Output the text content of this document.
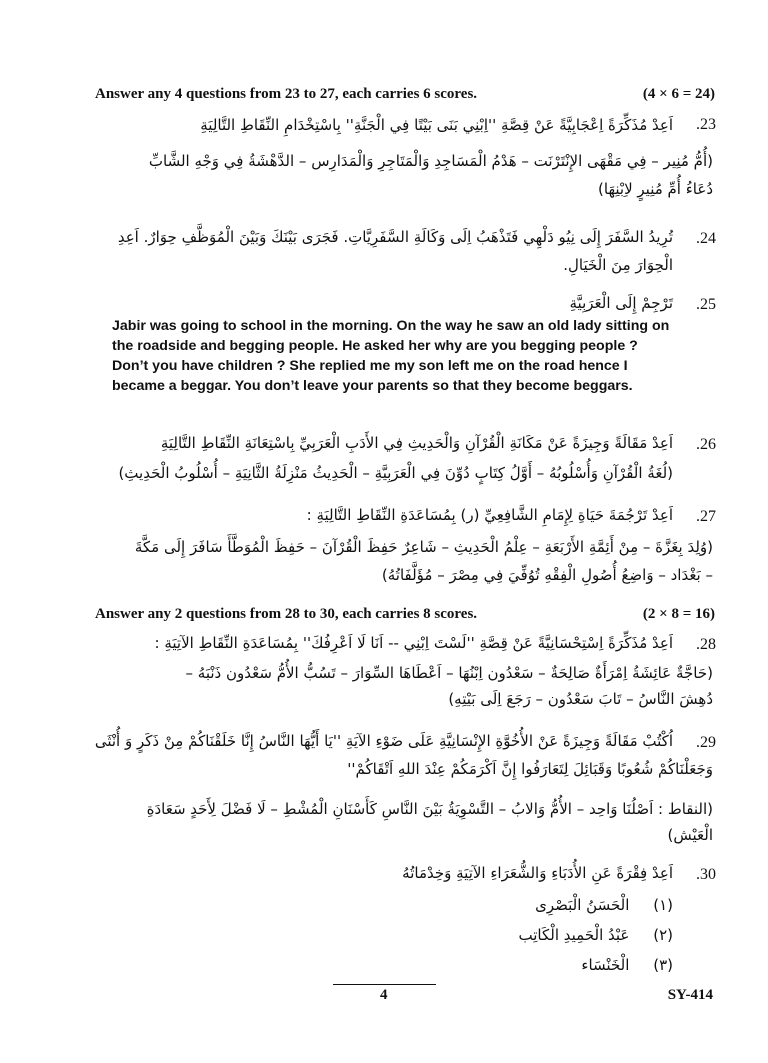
Answer any 4 questions from 23 to 27, each carries 6 scores.	(4 × 6 = 24)
.23
اَعِدْ مُذَكِّرَةً اِعْجَابِيَّةً عَنْ قِصَّةِ ''اِبْنِي بَنَى بَيْتًا فِي الْجَنَّةِ'' بِاسْتِخْدَامِ النِّقَاطِ التَّالِيَةِ
(أُمُّ مُنِير – فِي مَقْهَى الإِنْتَرْنَت – هَدْمُ الْمَسَاجِدِ وَالْمَتَاجِرِ وَالْمَدَارِس – الدَّهْشَةُ فِي وَجْهِ الشَّابِّ
دُعَاءُ أُمِّ مُنِيرٍ لاِبْنِهَا)
.24
تُرِيدُ السَّفَرَ إِلَى نِيُو دَلْهِي فَتَذْهَبُ اِلَى وَكَالَةِ السَّفَرِيَّاتِ. فَجَرَى بَيْنَكَ وَبَيْنَ الْمُوَظَّفِ حِوَارٌ. اَعِدِ
الْحِوَارَ مِنَ الْخَيَالِ.
.25
تَرْجِمْ إِلَى الْعَرَبِيَّةِ
Jabir was going to school in the morning. On the way he saw an old lady sitting on the roadside and begging people. He asked her why are you begging people ? Don’t you have children ? She replied me my son left me on the road hence I became a beggar. You don’t leave your parents so that they become beggars.
.26
اَعِدْ مَقَالَةً وَجِيزَةً عَنْ مَكَانَةِ الْقُرْآنِ وَالْحَدِيثِ فِي الأَدَبِ الْعَرَبِيِّ بِاسْتِعَانَةِ النِّقَاطِ التَّالِيَةِ
(لُغَةُ الْقُرْآنِ وَأُسْلُوبُهُ – أَوَّلُ كِتَابٍ دُوِّنَ فِي الْعَرَبِيَّةِ – الْحَدِيثُ مَنْزِلَةُ الثَّانِيَةِ – أُسْلُوبُ الْحَدِيثِ)
.27
اَعِدْ تَرْجُمَةَ حَيَاةِ لِإِمَامِ الشَّافِعِيِّ (ر) بِمُسَاعَدَةِ النِّقَاطِ التَّالِيَةِ :
(وُلِدَ بِغَزَّةَ – مِنْ أَئِمَّةِ الأَرْبَعَةِ – عِلْمُ الْحَدِيثِ – شَاعِرٌ حَفِظَ الْقُرْآنَ – حَفِظَ الْمُوَطَّأَ سَافَرَ إِلَى مَكَّةَ
– بَغْدَاد – وَاضِعُ أُصُولِ الْفِقْهِ تُوُفِّيَ فِي مِصْرَ – مُؤَلَّفَاتُهُ)
Answer any 2 questions from 28 to 30, each carries 8 scores.	(2 × 8 = 16)
.28
اَعِدْ مُذَكِّرَةً اِسْتِحْسَانِيَّةً عَنْ قِصَّةِ ''لَسْتَ اِبْنِي -- اَنَا لَا اَعْرِفُكَ'' بِمُسَاعَدَةِ النِّقَاطِ الآتِيَةِ :
(حَاجَّةٌ عَائِشَةُ اِمْرَأَةٌ صَالِحَةٌ – سَعْدُون اِبْنُهَا – اَعْطَاهَا السِّوَارَ – تَسُبُّ الأُمُّ سَعْدُون ذَنْبَهُ –
دُهِشَ النَّاسُ – تَابَ سَعْدُون – رَجَعَ اِلَى بَيْتِهِ)
.29
اُكْتُبْ مَقَالَةً وَجِيزَةً عَنْ الأُخُوَّةِ الإِنْسَانِيَّةِ عَلَى ضَوْءِ الآيَةِ ''يَا أَيُّهَا النَّاسُ إِنَّا خَلَقْنَاكُمْ مِنْ ذَكَرٍ وَ أُنْثَى
وَجَعَلْنَاكُمْ شُعُوبًا وَقَبَائِلَ لِتَعَارَفُوا إِنَّ اَكْرَمَكُمْ عِنْدَ اللهِ اَتْقَاكُمْ''
(النقاط : اَصْلُنَا وَاحِد – الأُمُّ وَالابُ – التَّسْوِيَةُ بَيْنَ النَّاسِ كَأَسْنَانِ الْمُشْطِ – لَا فَضْلَ لِأَحَدٍ سَعَادَةِ
الْعَيْش)
.30
اَعِدْ فِقْرَةً عَنِ الأُدَبَاءِ وَالشُّعَرَاءِ الآتِيَةِ وَخِدْمَاتُهُ
(١)     الْحَسَنُ الْبَصْرِى
(٢)     عَبْدُ الْحَمِيدِ الْكَاتِب
(٣)     الْخَنْسَاء
4	SY-414
